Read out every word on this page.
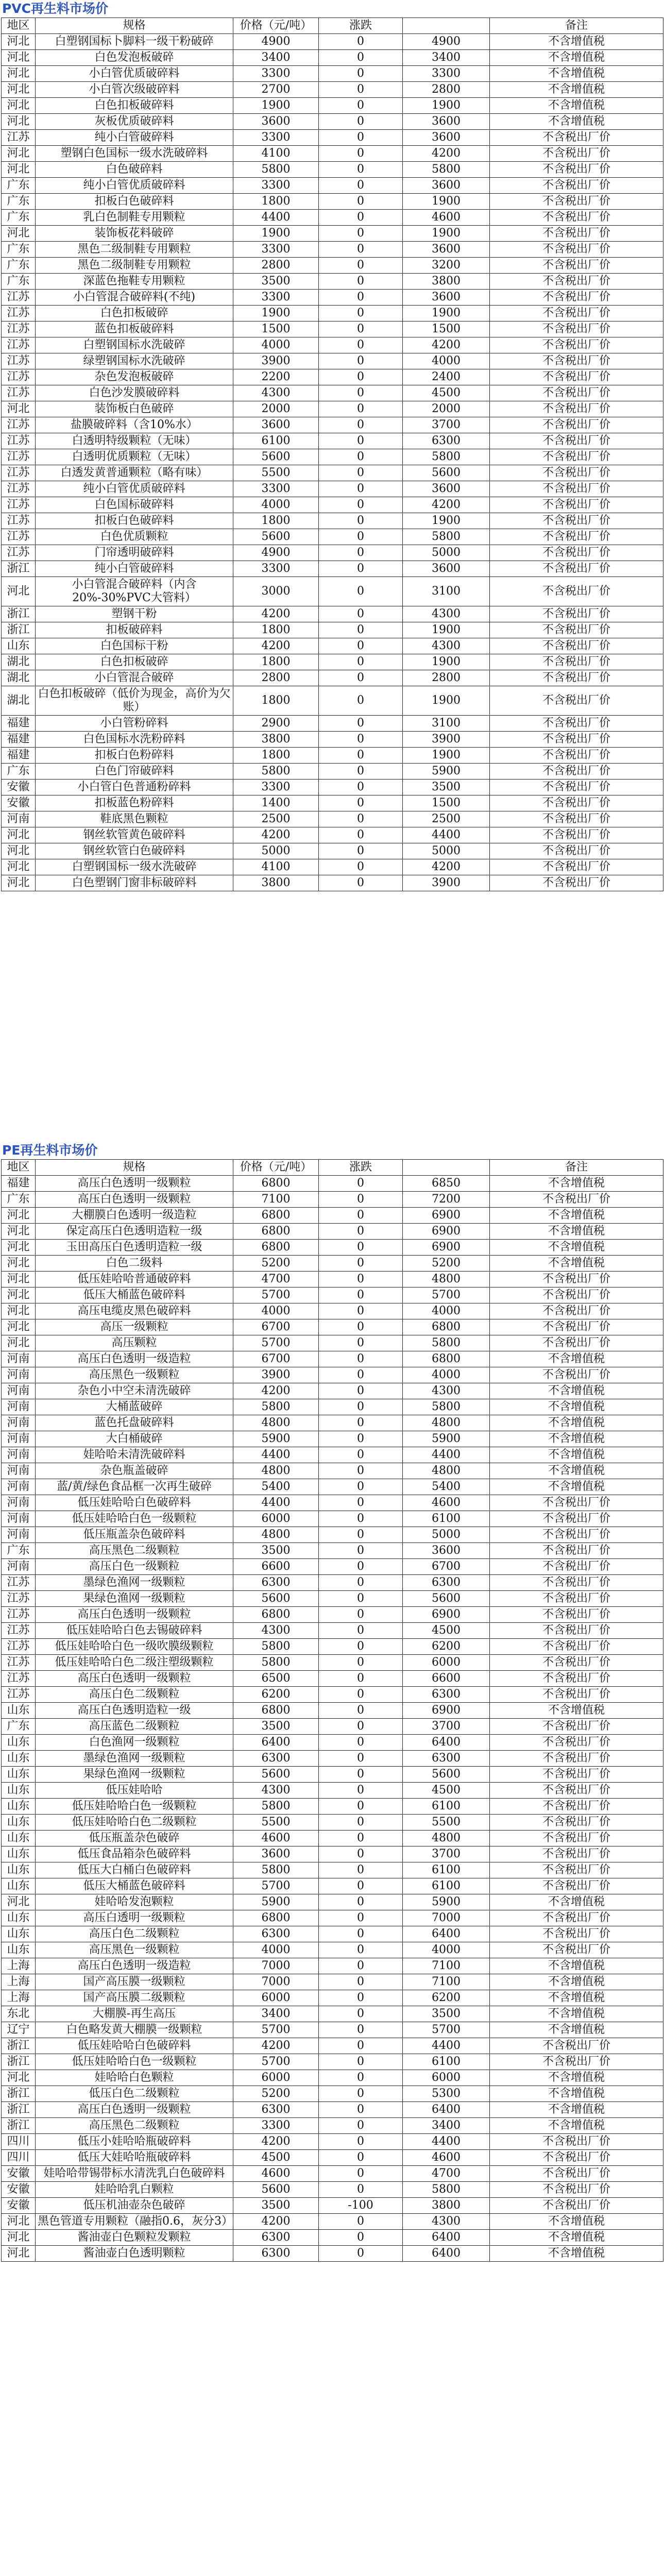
PVC再生料市场价
地区	规格	价格（元/吨）	涨跌		备注
河北	白塑钢国标卜脚料一级干粉破碎	4900	0	4900	不含增值税
河北	白色发泡板破碎	3400	0	3400	不含增值税
河北	小白管优质破碎料	3300	0	3300	不含增值税
河北	小白管次级破碎料	2700	0	2800	不含增值税
河北	白色扣板破碎料	1900	0	1900	不含增值税
河北	灰板优质破碎料	3600	0	3600	不含增值税
江苏	纯小白管破碎料	3300	0	3600	不含税出厂价
河北	塑钢白色国标一级水洗破碎料	4100	0	4200	不含税出厂价
河北	白色破碎料	5800	0	5800	不含税出厂价
广东	纯小白管优质破碎料	3300	0	3600	不含税出厂价
广东	扣板白色破碎料	1800	0	1900	不含税出厂价
广东	乳白色制鞋专用颗粒	4400	0	4600	不含税出厂价
河北	装饰板花料破碎	1900	0	1900	不含税出厂价
广东	黑色二级制鞋专用颗粒	3300	0	3600	不含税出厂价
广东	黑色二级制鞋专用颗粒	2800	0	3200	不含税出厂价
广东	深蓝色拖鞋专用颗粒	3500	0	3800	不含税出厂价
江苏	小白管混合破碎料(不纯)	3300	0	3600	不含税出厂价
江苏	白色扣板破碎	1900	0	1900	不含税出厂价
江苏	蓝色扣板破碎料	1500	0	1500	不含税出厂价
江苏	白塑钢国标水洗破碎	4000	0	4200	不含税出厂价
江苏	绿塑钢国标水洗破碎	3900	0	4000	不含税出厂价
江苏	杂色发泡板破碎	2200	0	2400	不含税出厂价
江苏	白色沙发膜破碎料	4300	0	4500	不含税出厂价
河北	装饰板白色破碎	2000	0	2000	不含税出厂价
江苏	盐膜破碎料（含10%水）	3600	0	3700	不含税出厂价
江苏	白透明特级颗粒（无味）	6100	0	6300	不含税出厂价
江苏	白透明优质颗粒（无味）	5600	0	5800	不含税出厂价
江苏	白透发黄普通颗粒（略有味）	5500	0	5600	不含税出厂价
江苏	纯小白管优质破碎料	3300	0	3600	不含税出厂价
江苏	白色国标破碎料	4000	0	4200	不含税出厂价
江苏	扣板白色破碎料	1800	0	1900	不含税出厂价
江苏	白色优质颗粒	5600	0	5800	不含税出厂价
江苏	门帘透明破碎料	4900	0	5000	不含税出厂价
浙江	纯小白管破碎料	3300	0	3600	不含税出厂价
河北	小白管混合破碎料（内含20%-30%PVC大管料）	3000	0	3100	不含税出厂价
浙江	塑钢干粉	4200	0	4300	不含税出厂价
浙江	扣板破碎料	1800	0	1900	不含税出厂价
山东	白色国标干粉	4200	0	4300	不含税出厂价
湖北	白色扣板破碎	1800	0	1900	不含税出厂价
湖北	小白管混合破碎	2800	0	2800	不含税出厂价
湖北	白色扣板破碎（低价为现金，高价为欠账）	1800	0	1900	不含税出厂价
福建	小白管粉碎料	2900	0	3100	不含税出厂价
福建	白色国标水洗粉碎料	3800	0	3900	不含税出厂价
福建	扣板白色粉碎料	1800	0	1900	不含税出厂价
广东	白色门帘破碎料	5800	0	5900	不含税出厂价
安徽	小白管白色普通粉碎料	3300	0	3500	不含税出厂价
安徽	扣板蓝色粉碎料	1400	0	1500	不含税出厂价
河南	鞋底黑色颗粒	2500	0	2500	不含税出厂价
河北	钢丝软管黄色破碎料	4200	0	4400	不含税出厂价
河北	钢丝软管白色破碎料	5000	0	5000	不含税出厂价
河北	白塑钢国标一级水洗破碎	4100	0	4200	不含税出厂价
河北	白色塑钢门窗非标破碎料	3800	0	3900	不含税出厂价
PE再生料市场价
地区	规格	价格（元/吨）	涨跌		备注
福建	高压白色透明一级颗粒	6800	0	6850	不含增值税
广东	高压白色透明一级颗粒	7100	0	7200	不含税出厂价
河北	大棚膜白色透明一级造粒	6800	0	6900	不含增值税
河北	保定高压白色透明造粒一级	6800	0	6900	不含增值税
河北	玉田高压白色透明造粒一级	6800	0	6900	不含增值税
河北	白色二级料	5200	0	5200	不含增值税
河北	低压娃哈哈普通破碎料	4700	0	4800	不含税出厂价
河北	低压大桶蓝色破碎料	5700	0	5700	不含税出厂价
河北	高压电缆皮黑色破碎料	4000	0	4000	不含税出厂价
河北	高压一级颗粒	6700	0	6800	不含税出厂价
河北	高压颗粒	5700	0	5800	不含税出厂价
河南	高压白色透明一级造粒	6700	0	6800	不含增值税
河南	高压黑色一级颗粒	3900	0	4000	不含税出厂价
河南	杂色小中空未清洗破碎	4200	0	4300	不含增值税
河南	大桶蓝破碎	5800	0	5800	不含增值税
河南	蓝色托盘破碎料	4800	0	4800	不含增值税
河南	大白桶破碎	5900	0	5900	不含增值税
河南	娃哈哈未清洗破碎料	4400	0	4400	不含增值税
河南	杂色瓶盖破碎	4800	0	4800	不含增值税
河南	蓝/黄/绿色食品框一次再生破碎	5400	0	5400	不含增值税
河南	低压娃哈哈白色破碎料	4400	0	4600	不含税出厂价
河南	低压娃哈哈白色一级颗粒	6000	0	6100	不含税出厂价
河南	低压瓶盖杂色破碎料	4800	0	5000	不含税出厂价
广东	高压黑色二级颗粒	3500	0	3600	不含税出厂价
河南	高压白色一级颗粒	6600	0	6700	不含税出厂价
江苏	墨绿色渔网一级颗粒	6300	0	6300	不含税出厂价
江苏	果绿色渔网一级颗粒	5600	0	5600	不含税出厂价
江苏	高压白色透明一级颗粒	6800	0	6900	不含税出厂价
江苏	低压娃哈哈白色去锡破碎料	4300	0	4500	不含税出厂价
江苏	低压娃哈哈白色一级吹膜级颗粒	5800	0	6200	不含税出厂价
江苏	低压娃哈哈白色二级注塑级颗粒	5800	0	6000	不含税出厂价
江苏	高压白色透明一级颗粒	6500	0	6600	不含税出厂价
江苏	高压白色二级颗粒	6200	0	6300	不含税出厂价
山东	高压白色透明造粒一级	6800	0	6900	不含增值税
广东	高压蓝色二级颗粒	3500	0	3700	不含税出厂价
山东	白色渔网一级颗粒	6400	0	6400	不含税出厂价
山东	墨绿色渔网一级颗粒	6300	0	6300	不含税出厂价
山东	果绿色渔网一级颗粒	5600	0	5600	不含税出厂价
山东	低压娃哈哈	4300	0	4500	不含税出厂价
山东	低压娃哈哈白色一级颗粒	5800	0	6100	不含税出厂价
山东	低压娃哈哈白色二级颗粒	5500	0	5500	不含税出厂价
山东	低压瓶盖杂色破碎	4600	0	4800	不含税出厂价
山东	低压食品箱杂色破碎料	3600	0	3700	不含税出厂价
山东	低压大白桶白色破碎料	5800	0	6100	不含税出厂价
山东	低压大桶蓝色破碎料	5700	0	6100	不含税出厂价
河北	娃哈哈发泡颗粒	5900	0	5900	不含增值税
山东	高压白透明一级颗粒	6800	0	7000	不含税出厂价
山东	高压白色二级颗粒	6300	0	6400	不含税出厂价
山东	高压黑色一级颗粒	4000	0	4000	不含税出厂价
上海	高压白色透明一级造粒	7000	0	7100	不含增值税
上海	国产高压膜一级颗粒	7000	0	7100	不含增值税
上海	国产高压膜二级颗粒	6000	0	6200	不含增值税
东北	大棚膜-再生高压	3400	0	3500	不含增值税
辽宁	白色略发黄大棚膜一级颗粒	5700	0	5700	不含增值税
浙江	低压娃哈哈白色破碎料	4200	0	4400	不含税出厂价
浙江	低压娃哈哈白色一级颗粒	5700	0	6100	不含税出厂价
河北	娃哈哈白色颗粒	6000	0	6000	不含增值税
浙江	低压白色二级颗粒	5200	0	5300	不含增值税
浙江	高压白色透明一级颗粒	6300	0	6400	不含增值税
浙江	高压黑色二级颗粒	3300	0	3400	不含增值税
四川	低压小娃哈哈瓶破碎料	4200	0	4400	不含税出厂价
四川	低压大娃哈哈瓶破碎料	4500	0	4600	不含税出厂价
安徽	娃哈哈带锡带标水清洗乳白色破碎料	4600	0	4700	不含税出厂价
安徽	娃哈哈乳白颗粒	5600	0	5800	不含税出厂价
安徽	低压机油壶杂色破碎	3500	-100	3800	不含税出厂价
河北	黑色管道专用颗粒（融指0.6，灰分3）	4200	0	4300	不含增值税
河北	酱油壶白色颗粒发颗粒	6300	0	6400	不含增值税
河北	酱油壶白色透明颗粒	6300	0	6400	不含增值税
